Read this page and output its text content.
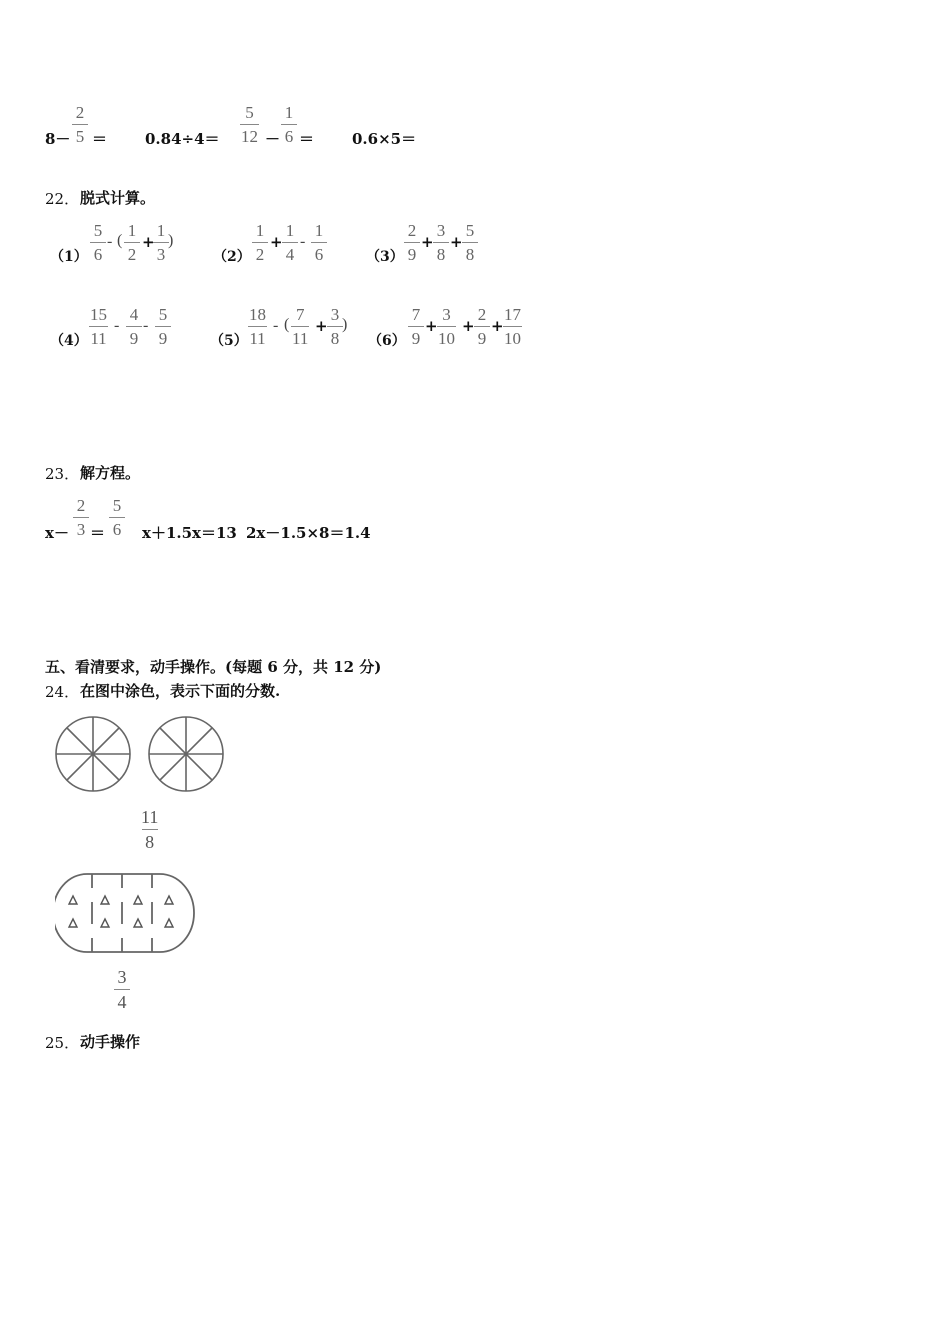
$8- \frac{2}{5}$ ＝	$0.84\div 4= \frac{5}{12} - \frac{1}{6}$ ＝	0.6×5＝
22． 脱式计算。
$(1) \frac{5}{6}$ - ( $\frac{1}{2}$ +
$\frac{1}{3}$ )
$(2) \frac{1}{2} + \frac{1}{4} - \frac{1}{6}$	$(3) \frac{2}{9} + \frac{3}{8} + \frac{5}{8}$
$(4) \frac{15}{11} - \frac{4}{9} - \frac{5}{9}$	$(5) \frac{18}{11}$ - ( $\frac{7}{11} + \frac{3}{8}$ )
$(6) \frac{7}{9} + \frac{3}{10} + \frac{2}{9} + \frac{17}{10}$
23． 解方程。
$x- \frac{2}{3} = \frac{5}{6} x+1.5x=13$ 2x－1.5×8＝1.4
五、看清要求，动手操作。(每题 6 分，共 12 分)
24． 在图中涂色，表示下面的分数.
$\frac{11}{8}$
$\frac{3}{4}$
25． 动手操作
